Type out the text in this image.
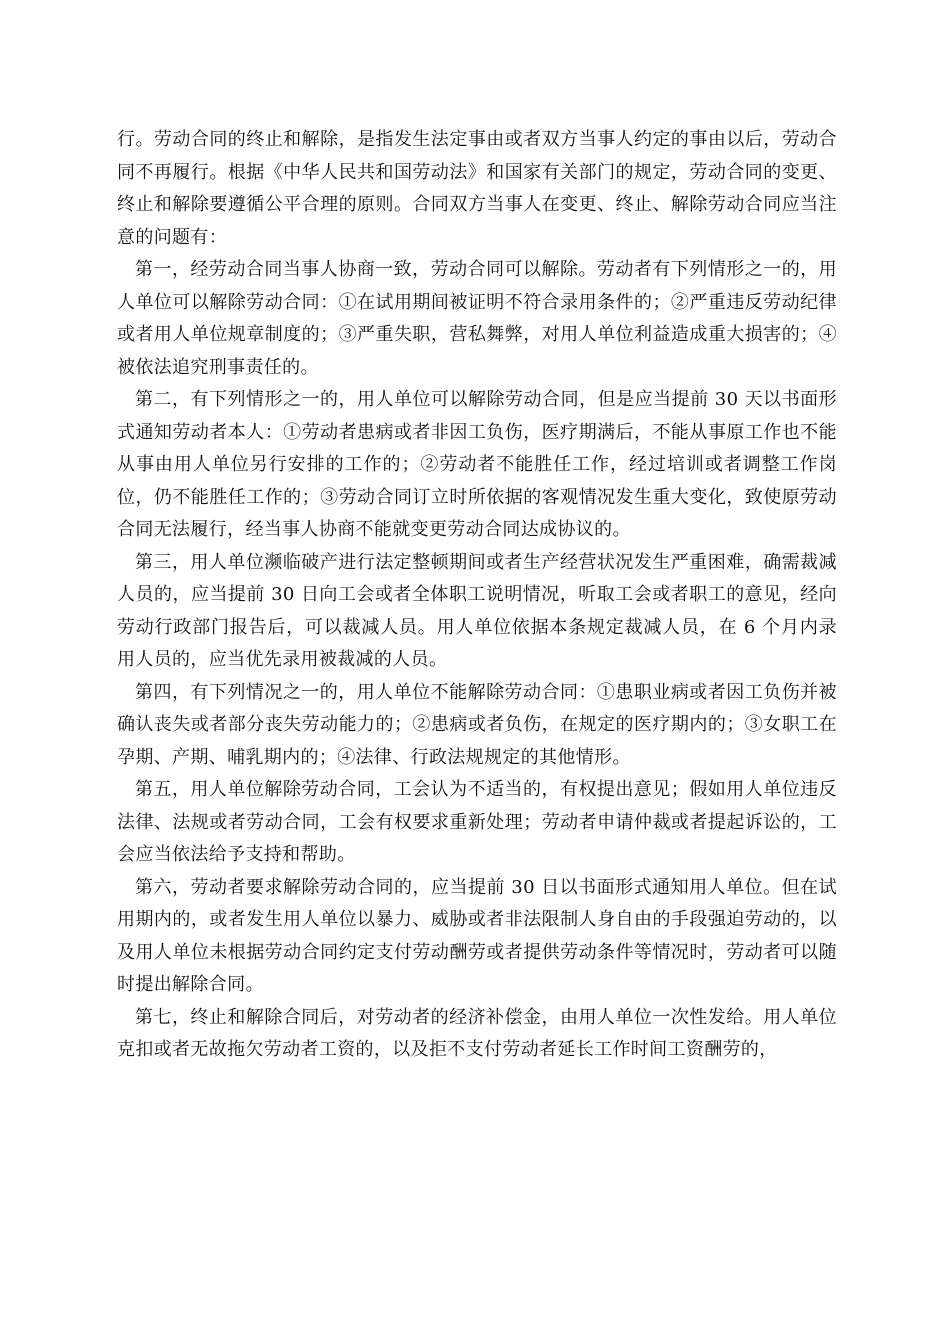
行。劳动合同的终止和解除，是指发生法定事由或者双方当事人约定的事由以后，劳动合同不再履行。根据《中华人民共和国劳动法》和国家有关部门的规定，劳动合同的变更、终止和解除要遵循公平合理的原则。合同双方当事人在变更、终止、解除劳动合同应当注意的问题有：

第一，经劳动合同当事人协商一致，劳动合同可以解除。劳动者有下列情形之一的，用人单位可以解除劳动合同：①在试用期间被证明不符合录用条件的；②严重违反劳动纪律或者用人单位规章制度的；③严重失职，营私舞弊，对用人单位利益造成重大损害的；④被依法追究刑事责任的。

第二，有下列情形之一的，用人单位可以解除劳动合同，但是应当提前 30 天以书面形式通知劳动者本人：①劳动者患病或者非因工负伤，医疗期满后，不能从事原工作也不能从事由用人单位另行安排的工作的；②劳动者不能胜任工作，经过培训或者调整工作岗位，仍不能胜任工作的；③劳动合同订立时所依据的客观情况发生重大变化，致使原劳动合同无法履行，经当事人协商不能就变更劳动合同达成协议的。

第三，用人单位濒临破产进行法定整顿期间或者生产经营状况发生严重困难，确需裁减人员的，应当提前 30 日向工会或者全体职工说明情况，听取工会或者职工的意见，经向劳动行政部门报告后，可以裁减人员。用人单位依据本条规定裁减人员，在 6 个月内录用人员的，应当优先录用被裁减的人员。

第四，有下列情况之一的，用人单位不能解除劳动合同：①患职业病或者因工负伤并被确认丧失或者部分丧失劳动能力的；②患病或者负伤，在规定的医疗期内的；③女职工在孕期、产期、哺乳期内的；④法律、行政法规规定的其他情形。

第五，用人单位解除劳动合同，工会认为不适当的，有权提出意见；假如用人单位违反法律、法规或者劳动合同，工会有权要求重新处理；劳动者申请仲裁或者提起诉讼的，工会应当依法给予支持和帮助。

第六，劳动者要求解除劳动合同的，应当提前 30 日以书面形式通知用人单位。但在试用期内的，或者发生用人单位以暴力、威胁或者非法限制人身自由的手段强迫劳动的，以及用人单位未根据劳动合同约定支付劳动酬劳或者提供劳动条件等情况时，劳动者可以随时提出解除合同。

第七，终止和解除合同后，对劳动者的经济补偿金，由用人单位一次性发给。用人单位克扣或者无故拖欠劳动者工资的，以及拒不支付劳动者延长工作时间工资酬劳的，
